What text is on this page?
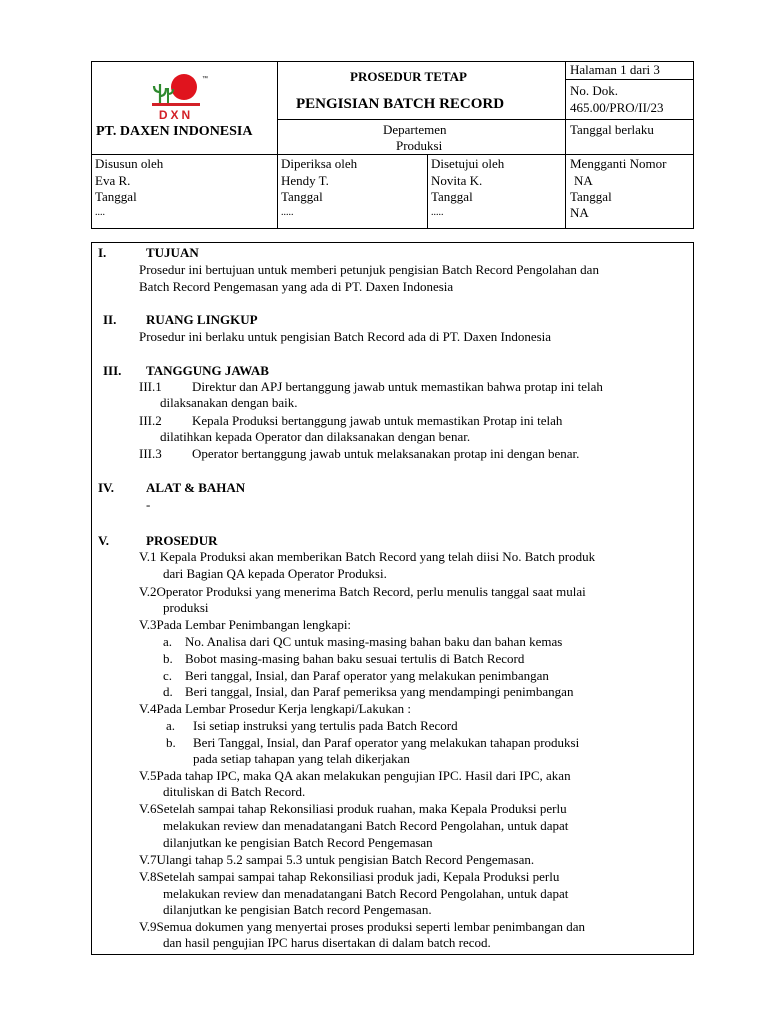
DXN
™
PT. DAXEN INDONESIA
PROSEDUR TETAP
PENGISIAN BATCH RECORD
Halaman 1 dari 3
No. Dok.
465.00/PRO/II/23
Departemen
Produksi
Tanggal berlaku
Disusun oleh
Eva R.
Tanggal
....
Diperiksa oleh
Hendy T.
Tanggal
.....
Disetujui oleh
Novita K.
Tanggal
.....
Mengganti Nomor
NA
Tanggal
NA
I.	TUJUAN
Prosedur ini bertujuan untuk memberi petunjuk pengisian Batch Record Pengolahan dan
Batch Record Pengemasan yang ada di PT. Daxen Indonesia
II. RUANG LINGKUP
Prosedur ini berlaku untuk pengisian Batch Record ada di PT. Daxen Indonesia
III. TANGGUNG JAWAB
III.1 Direktur dan APJ bertanggung jawab untuk memastikan bahwa protap ini telah
dilaksanakan dengan baik.
III.2 Kepala Produksi bertanggung jawab untuk memastikan Protap ini telah
dilatihkan kepada Operator dan dilaksanakan dengan benar.
III.3 Operator bertanggung jawab untuk melaksanakan protap ini dengan benar.
IV. ALAT & BAHAN
-
V.	PROSEDUR
V.1 Kepala Produksi akan memberikan Batch Record yang telah diisi No. Batch produk
dari Bagian QA kepada Operator Produksi.
V.2Operator Produksi yang menerima Batch Record, perlu menulis tanggal saat mulai
produksi
V.3Pada Lembar Penimbangan lengkapi:
a. No. Analisa dari QC untuk masing-masing bahan baku dan bahan kemas
b. Bobot masing-masing bahan baku sesuai tertulis di Batch Record
c. Beri tanggal, Insial, dan Paraf operator yang melakukan penimbangan
d. Beri tanggal, Insial, dan Paraf pemeriksa yang mendampingi penimbangan
V.4Pada Lembar Prosedur Kerja lengkapi/Lakukan :
a. Isi setiap instruksi yang tertulis pada Batch Record
b. Beri Tanggal, Insial, dan Paraf operator yang melakukan tahapan produksi
pada setiap tahapan yang telah dikerjakan
V.5Pada tahap IPC, maka QA akan melakukan pengujian IPC. Hasil dari IPC, akan
dituliskan di Batch Record.
V.6Setelah sampai tahap Rekonsiliasi produk ruahan, maka Kepala Produksi perlu
melakukan review dan menadatangani Batch Record Pengolahan, untuk dapat
dilanjutkan ke pengisian Batch Record Pengemasan
V.7Ulangi tahap 5.2 sampai 5.3 untuk pengisian Batch Record Pengemasan.
V.8Setelah sampai sampai tahap Rekonsiliasi produk jadi, Kepala Produksi perlu
melakukan review dan menadatangani Batch Record Pengolahan, untuk dapat
dilanjutkan ke pengisian Batch record Pengemasan.
V.9Semua dokumen yang menyertai proses produksi seperti lembar penimbangan dan
dan hasil pengujian IPC harus disertakan di dalam batch recod.
